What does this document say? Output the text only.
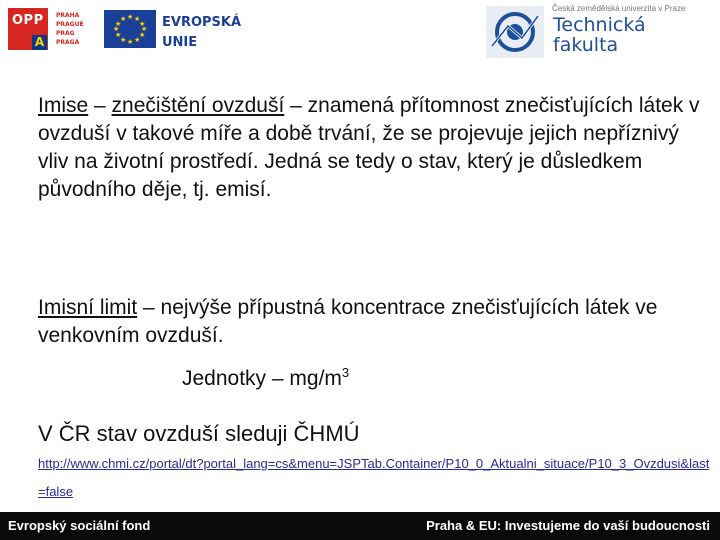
OPP
A
PRAHA
PRAGUE
PRAG
PRAGA
★ ★
★
★
★
★
★
★
★
★
★
★	EVROPSKÁ
UNIE
Česká zemědělská univerzita v Praze
Technická
fakulta

Imise – znečištění ovzduší – znamená přítomnost znečisťujících látek v ovzduší v takové míře a době trvání, že se projevuje jejich nepříznivý vliv na životní prostředí. Jedná se tedy o stav, který je důsledkem původního děje, tj. emisí.

Imisní limit – nejvýše přípustná koncentrace znečisťujících látek ve venkovním ovzduší.

Jednotky – $mg/m^3$
V ČR stav ovzduší sleduji ČHMÚ
http://www.chmi.cz/portal/dt?portal_lang=cs&menu=JSPTab.Container/P10_0_Aktualni_situace/P10_3_Ovzdusi&last=false
Evropský sociální fond	Praha & EU: Investujeme do vaší budoucnosti
